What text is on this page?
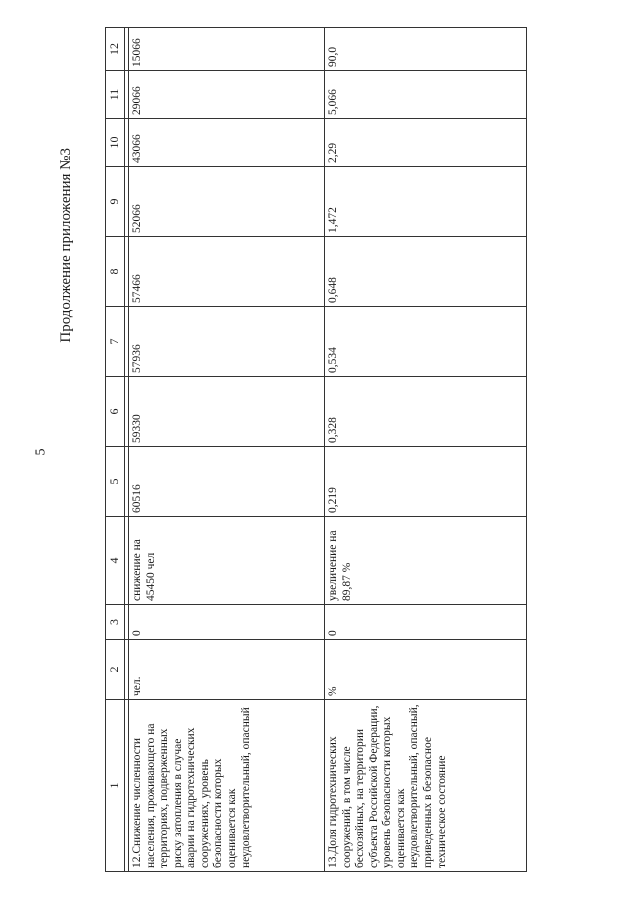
5
Продолжение приложения №3
1	2	3	4	5	6	7	8	9	10	11	12

12.Снижение численности населения, проживающего на территориях, подверженных риску затопления в случае аварии на гидротехнических сооружениях, уровень безопасности которых оценивается как неудовлетворительный, опасный	чел.	0	снижение на 45450 чел	60516	59330	57936	57466	52066	43066	29066	15066
13.Доля гидротехнических сооружений, в том числе бесхозяйных, на территории субъекта Российской Федерации, уровень безопасности которых оценивается как неудовлетворительный, опасный, приведенных в безопасное техническое состояние	%	0	увеличение на 89,87 %	0,219	0,328	0,534	0,648	1,472	2,29	5,066	90,0
